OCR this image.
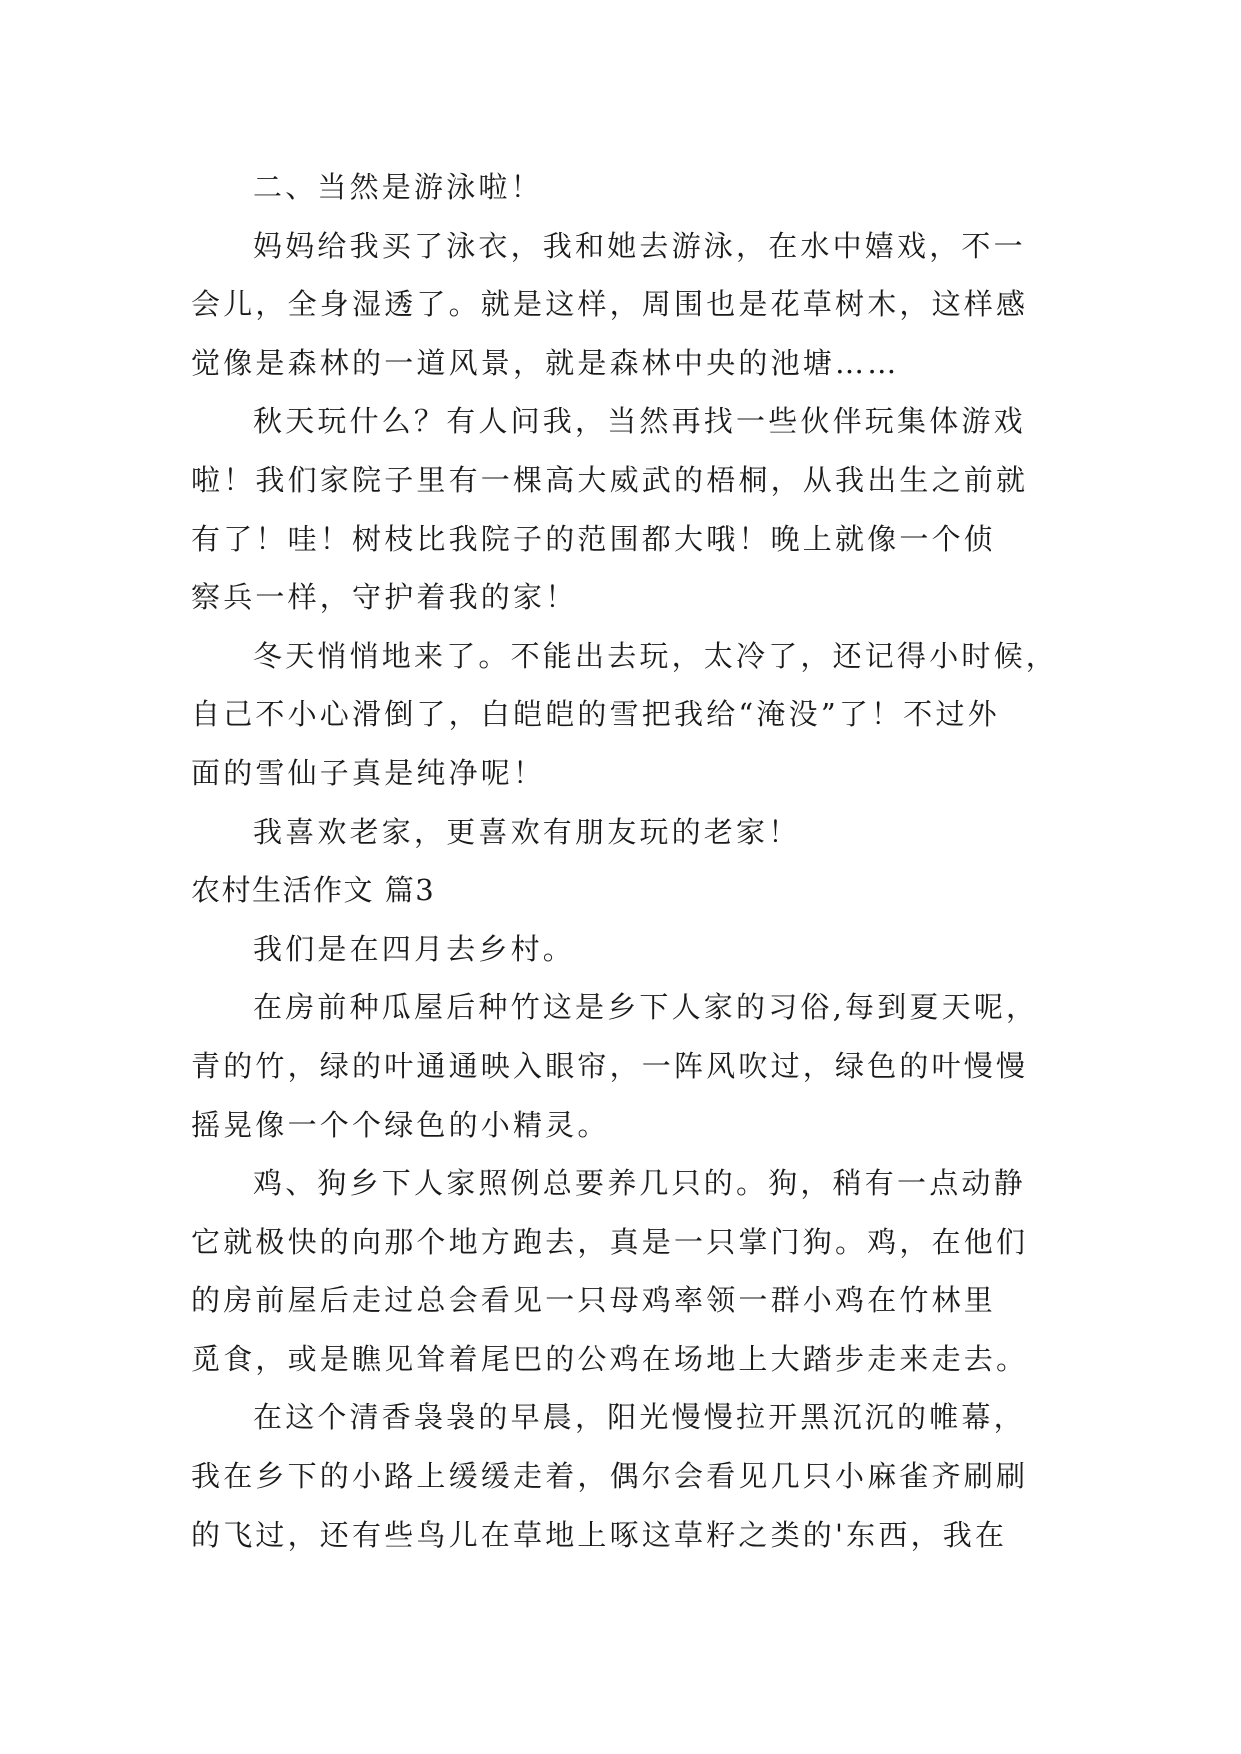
二、当然是游泳啦！

妈妈给我买了泳衣，我和她去游泳，在水中嬉戏，不一
会儿，全身湿透了。就是这样，周围也是花草树木，这样感
觉像是森林的一道风景，就是森林中央的池塘……

秋天玩什么？有人问我，当然再找一些伙伴玩集体游戏
啦！我们家院子里有一棵高大威武的梧桐，从我出生之前就
有了！哇！树枝比我院子的范围都大哦！晚上就像一个侦
察兵一样，守护着我的家！

冬天悄悄地来了。不能出去玩，太冷了，还记得小时候，
自己不小心滑倒了，白皑皑的雪把我给“淹没”了！不过外
面的雪仙子真是纯净呢！

我喜欢老家，更喜欢有朋友玩的老家！

农村生活作文 篇3

我们是在四月去乡村。

在房前种瓜屋后种竹这是乡下人家的习俗,每到夏天呢，
青的竹，绿的叶通通映入眼帘，一阵风吹过，绿色的叶慢慢
摇晃像一个个绿色的小精灵。

鸡、狗乡下人家照例总要养几只的。狗，稍有一点动静
它就极快的向那个地方跑去，真是一只掌门狗。鸡，在他们
的房前屋后走过总会看见一只母鸡率领一群小鸡在竹林里
觅食，或是瞧见耸着尾巴的公鸡在场地上大踏步走来走去。

在这个清香袅袅的早晨，阳光慢慢拉开黑沉沉的帷幕，
我在乡下的小路上缓缓走着，偶尔会看见几只小麻雀齐刷刷
的飞过，还有些鸟儿在草地上啄这草籽之类的'东西，我在
